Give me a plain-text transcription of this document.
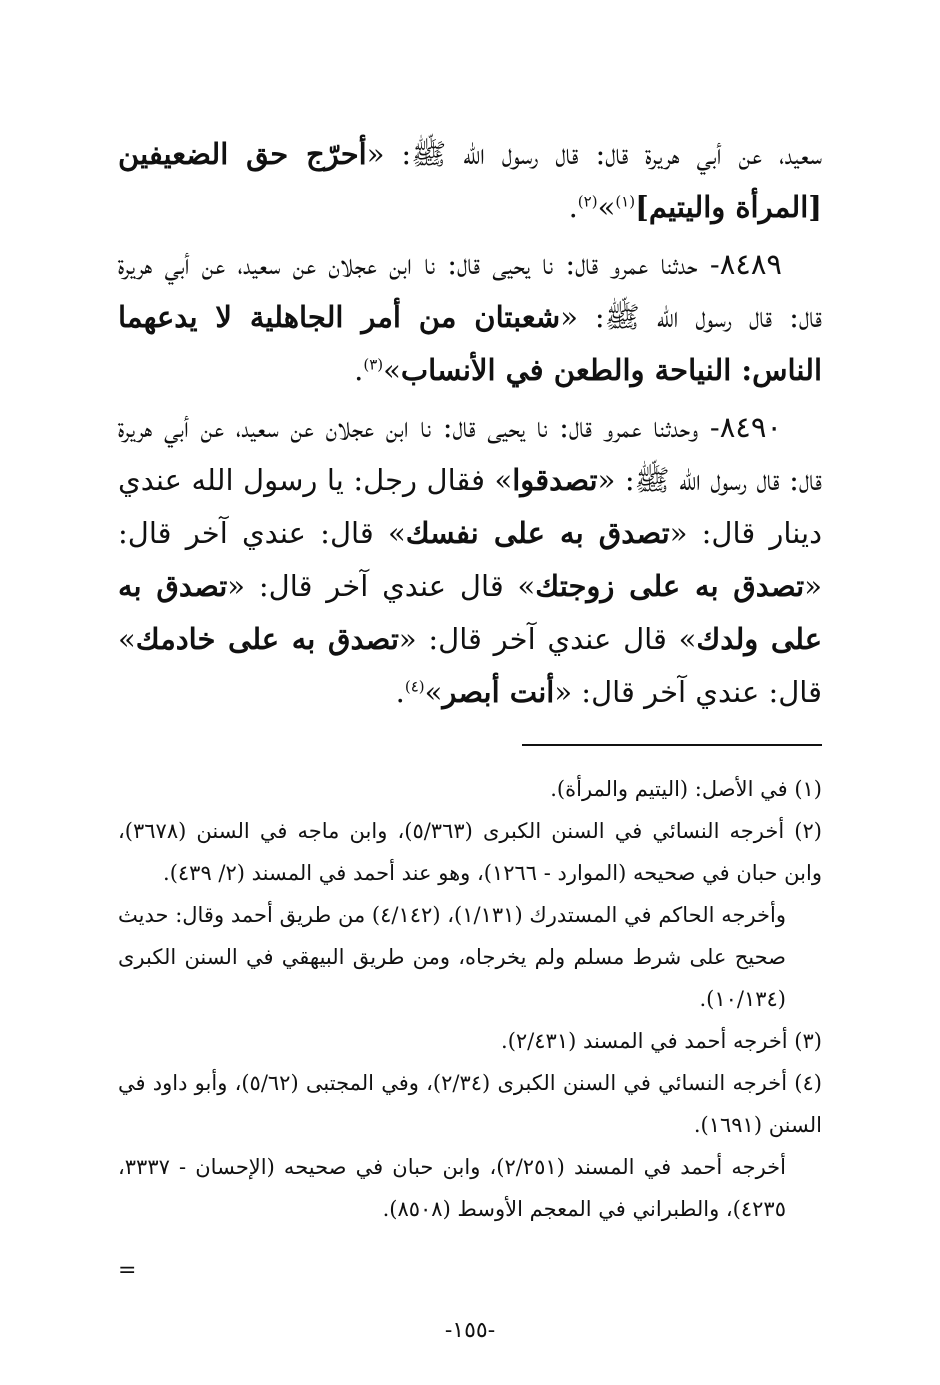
سعيد، عن أبي هريرة قال: قال رسول الله ﷺ: «أحرّج حق الضعيفين [المرأة واليتيم]$^{(١)}$»$^{(٢)}$.

٨٤٨٩- حدثنا عمرو قال: نا يحيى قال: نا ابن عجلان عن سعيد، عن أبي هريرة قال: قال رسول الله ﷺ: «شعبتان من أمر الجاهلية لا يدعهما الناس: النياحة والطعن في الأنساب»$^{(٣)}$.

٨٤٩٠- وحدثنا عمرو قال: نا يحيى قال: نا ابن عجلان عن سعيد، عن أبي هريرة قال: قال رسول الله ﷺ: «تصدقوا» فقال رجل: يا رسول الله عندي دينار قال: «تصدق به على نفسك» قال: عندي آخر قال: «تصدق به على زوجتك» قال عندي آخر قال: «تصدق به على ولدك» قال عندي آخر قال: «تصدق به على خادمك» قال: عندي آخر قال: «أنت أبصر»$^{(٤)}$.

(١) في الأصل: (اليتيم والمرأة).

(٢) أخرجه النسائي في السنن الكبرى (٥/٣٦٣)، وابن ماجه في السنن (٣٦٧٨)، وابن حبان في صحيحه (الموارد - ١٢٦٦)، وهو عند أحمد في المسند (٢/ ٤٣٩).

وأخرجه الحاكم في المستدرك (١/١٣١)، (٤/١٤٢) من طريق أحمد وقال: حديث صحيح على شرط مسلم ولم يخرجاه، ومن طريق البيهقي في السنن الكبرى (١٠/١٣٤).

(٣) أخرجه أحمد في المسند (٢/٤٣١).

(٤) أخرجه النسائي في السنن الكبرى (٢/٣٤)، وفي المجتبى (٥/٦٢)، وأبو داود في السنن (١٦٩١).

أخرجه أحمد في المسند (٢/٢٥١)، وابن حبان في صحيحه (الإحسان - ٣٣٣٧، ٤٢٣٥)، والطبراني في المعجم الأوسط (٨٥٠٨).

=
-١٥٥-
